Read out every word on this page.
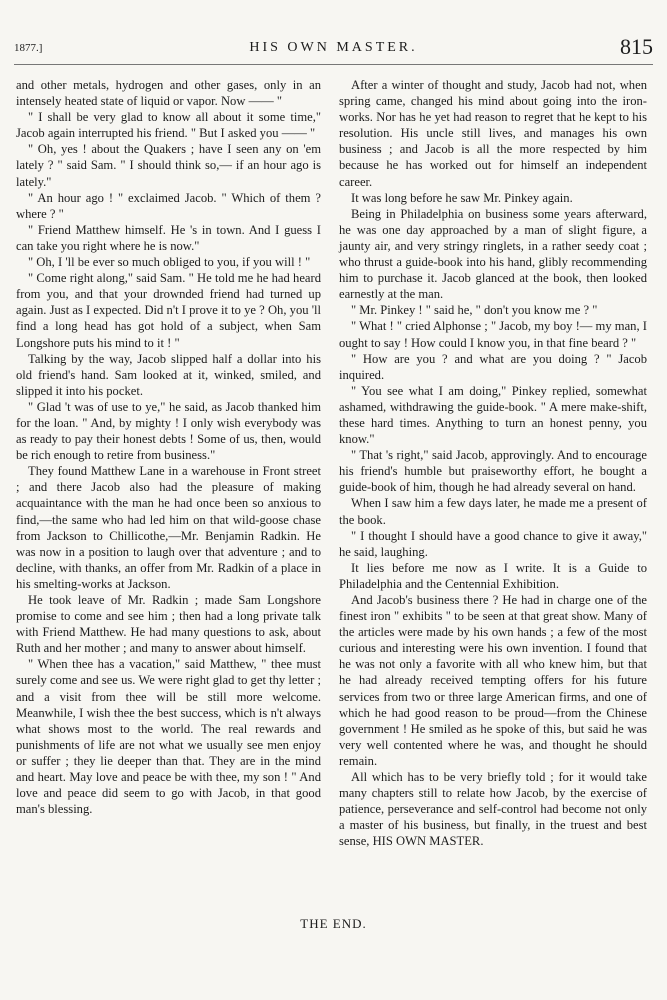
1877.]	HIS OWN MASTER.	815

and other metals, hydrogen and other gases, only in an intensely heated state of liquid or vapor. Now —— "

" I shall be very glad to know all about it some time," Jacob again interrupted his friend. " But I asked you —— "

" Oh, yes ! about the Quakers ; have I seen any on 'em lately ? " said Sam. " I should think so,— if an hour ago is lately."

" An hour ago ! " exclaimed Jacob. " Which of them ? where ? "

" Friend Matthew himself. He 's in town. And I guess I can take you right where he is now."

" Oh, I 'll be ever so much obliged to you, if you will ! "

" Come right along," said Sam. " He told me he had heard from you, and that your drownded friend had turned up again. Just as I expected. Did n't I prove it to ye ? Oh, you 'll find a long head has got hold of a subject, when Sam Longshore puts his mind to it ! "

Talking by the way, Jacob slipped half a dollar into his old friend's hand. Sam looked at it, winked, smiled, and slipped it into his pocket.

" Glad 't was of use to ye," he said, as Jacob thanked him for the loan. " And, by mighty ! I only wish everybody was as ready to pay their honest debts ! Some of us, then, would be rich enough to retire from business."

They found Matthew Lane in a warehouse in Front street ; and there Jacob also had the pleasure of making acquaintance with the man he had once been so anxious to find,—the same who had led him on that wild-goose chase from Jackson to Chillicothe,—Mr. Benjamin Radkin. He was now in a position to laugh over that adventure ; and to decline, with thanks, an offer from Mr. Radkin of a place in his smelting-works at Jackson.

He took leave of Mr. Radkin ; made Sam Longshore promise to come and see him ; then had a long private talk with Friend Matthew. He had many questions to ask, about Ruth and her mother ; and many to answer about himself.

" When thee has a vacation," said Matthew, " thee must surely come and see us. We were right glad to get thy letter ; and a visit from thee will be still more welcome. Meanwhile, I wish thee the best success, which is n't always what shows most to the world. The real rewards and punishments of life are not what we usually see men enjoy or suffer ; they lie deeper than that. They are in the mind and heart. May love and peace be with thee, my son ! " And love and peace did seem to go with Jacob, in that good man's blessing.

After a winter of thought and study, Jacob had not, when spring came, changed his mind about going into the iron-works. Nor has he yet had reason to regret that he kept to his resolution. His uncle still lives, and manages his own business ; and Jacob is all the more respected by him because he has worked out for himself an independent career.

It was long before he saw Mr. Pinkey again.

Being in Philadelphia on business some years afterward, he was one day approached by a man of slight figure, a jaunty air, and very stringy ringlets, in a rather seedy coat ; who thrust a guide-book into his hand, glibly recommending him to purchase it. Jacob glanced at the book, then looked earnestly at the man.

" Mr. Pinkey ! " said he, " don't you know me ? "

" What ! " cried Alphonse ; " Jacob, my boy !— my man, I ought to say ! How could I know you, in that fine beard ? "

" How are you ? and what are you doing ? " Jacob inquired.

" You see what I am doing," Pinkey replied, somewhat ashamed, withdrawing the guide-book. " A mere make-shift, these hard times. Anything to turn an honest penny, you know."

" That 's right," said Jacob, approvingly. And to encourage his friend's humble but praiseworthy effort, he bought a guide-book of him, though he had already several on hand.

When I saw him a few days later, he made me a present of the book.

" I thought I should have a good chance to give it away," he said, laughing.

It lies before me now as I write. It is a Guide to Philadelphia and the Centennial Exhibition.

And Jacob's business there ? He had in charge one of the finest iron " exhibits " to be seen at that great show. Many of the articles were made by his own hands ; a few of the most curious and interesting were his own invention. I found that he was not only a favorite with all who knew him, but that he had already received tempting offers for his future services from two or three large American firms, and one of which he had good reason to be proud—from the Chinese government ! He smiled as he spoke of this, but said he was very well contented where he was, and thought he should remain.

All which has to be very briefly told ; for it would take many chapters still to relate how Jacob, by the exercise of patience, perseverance and self-control had become not only a master of his business, but finally, in the truest and best sense, HIS OWN MASTER.

THE END.
